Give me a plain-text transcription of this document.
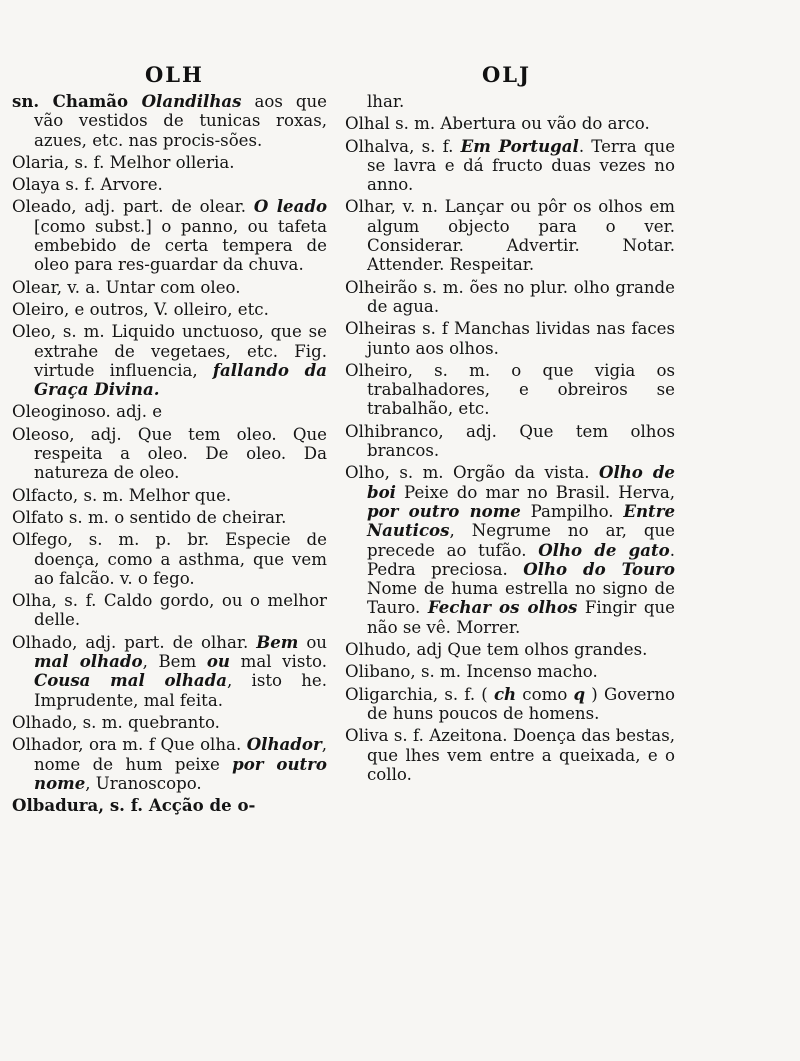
OLH	OLJ
sn. Chamão Olandilhas aos que vão vestidos de tunicas roxas, azues, etc. nas procis-sões.
Olaria, s. f. Melhor olleria.
Olaya s. f. Arvore.
Oleado, adj. part. de olear. O leado [como subst.] o panno, ou tafeta embebido de certa tempera de oleo para res-guardar da chuva.
Olear, v. a. Untar com oleo.
Oleiro, e outros, V. olleiro, etc.
Oleo, s. m. Liquido unctuoso, que se extrahe de vegetaes, etc. Fig. virtude influencia, fallando da Graça Divina.
Oleoginoso. adj. e
Oleoso, adj. Que tem oleo. Que respeita a oleo. De oleo. Da natureza de oleo.
Olfacto, s. m. Melhor que.
Olfato s. m. o sentido de cheirar.
Olfego, s. m. p. br. Especie de doença, como a asthma, que vem ao falcão. v. o fego.
Olha, s. f. Caldo gordo, ou o melhor delle.
Olhado, adj. part. de olhar. Bem ou mal olhado, Bem ou mal visto. Cousa mal olhada, isto he. Imprudente, mal feita.
Olhado, s. m. quebranto.
Olhador, ora m. f Que olha. Olhador, nome de hum peixe por outro nome, Uranoscopo.
Olbadura, s. f. Acção de o-
lhar.
Olhal s. m. Abertura ou vão do arco.
Olhalva, s. f. Em Portugal. Terra que se lavra e dá fructo duas vezes no anno.
Olhar, v. n. Lançar ou pôr os olhos em algum objecto para o ver. Considerar. Advertir. Notar. Attender. Respeitar.
Olheirão s. m. ões no plur. olho grande de agua.
Olheiras s. f Manchas lividas nas faces junto aos olhos.
Olheiro, s. m. o que vigia os trabalhadores, e obreiros se trabalhão, etc.
Olhibranco, adj. Que tem olhos brancos.
Olho, s. m. Orgão da vista. Olho de boi Peixe do mar no Brasil. Herva, por outro nome Pampilho. Entre Nauticos, Negrume no ar, que precede ao tufão. Olho de gato. Pedra preciosa. Olho do Touro Nome de huma estrella no signo de Tauro. Fechar os olhos Fingir que não se vê. Morrer.
Olhudo, adj Que tem olhos grandes.
Olibano, s. m. Incenso macho.
Oligarchia, s. f. ( ch como q ) Governo de huns poucos de homens.
Oliva s. f. Azeitona. Doença das bestas, que lhes vem entre a queixada, e o collo.
